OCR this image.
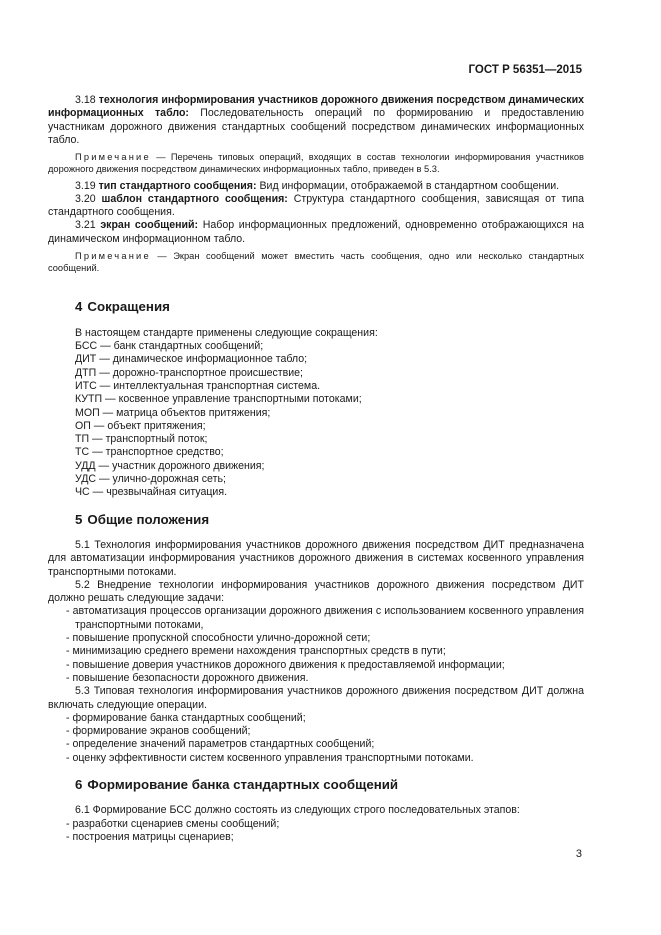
ГОСТ Р 56351—2015

3.18 технология информирования участников дорожного движения посредством динамических информационных табло: Последовательность операций по формированию и предоставлению участникам дорожного движения стандартных сообщений посредством динамических информационных табло.

Примечание — Перечень типовых операций, входящих в состав технологии информирования участников дорожного движения посредством динамических информационных табло, приведен в 5.3.

3.19 тип стандартного сообщения: Вид информации, отображаемой в стандартном сообщении.

3.20 шаблон стандартного сообщения: Структура стандартного сообщения, зависящая от типа стандартного сообщения.

3.21 экран сообщений: Набор информационных предложений, одновременно отображающихся на динамическом информационном табло.

Примечание — Экран сообщений может вместить часть сообщения, одно или несколько стандартных сообщений.

4 Сокращения

В настоящем стандарте применены следующие сокращения:

БСС — банк стандартных сообщений;
ДИТ — динамическое информационное табло;
ДТП — дорожно-транспортное происшествие;
ИТС — интеллектуальная транспортная система.
КУТП — косвенное управление транспортными потоками;
МОП — матрица объектов притяжения;
ОП — объект притяжения;
ТП — транспортный поток;
ТС — транспортное средство;
УДД — участник дорожного движения;
УДС — улично-дорожная сеть;
ЧС — чрезвычайная ситуация.
5 Общие положения

5.1 Технология информирования участников дорожного движения посредством ДИТ предназначена для автоматизации информирования участников дорожного движения в системах косвенного управления транспортными потоками.

5.2 Внедрение технологии информирования участников дорожного движения посредством ДИТ должно решать следующие задачи:

- автоматизация процессов организации дорожного движения с использованием косвенного управления транспортными потоками,
- повышение пропускной способности улично-дорожной сети;
- минимизацию среднего времени нахождения транспортных средств в пути;
- повышение доверия участников дорожного движения к предоставляемой информации;
- повышение безопасности дорожного движения.

5.3 Типовая технология информирования участников дорожного движения посредством ДИТ должна включать следующие операции.

- формирование банка стандартных сообщений;
- формирование экранов сообщений;
- определение значений параметров стандартных сообщений;
- оценку эффективности систем косвенного управления транспортными потоками.
6 Формирование банка стандартных сообщений

6.1 Формирование БСС должно состоять из следующих строго последовательных этапов:

- разработки сценариев смены сообщений;
- построения матрицы сценариев;
3
